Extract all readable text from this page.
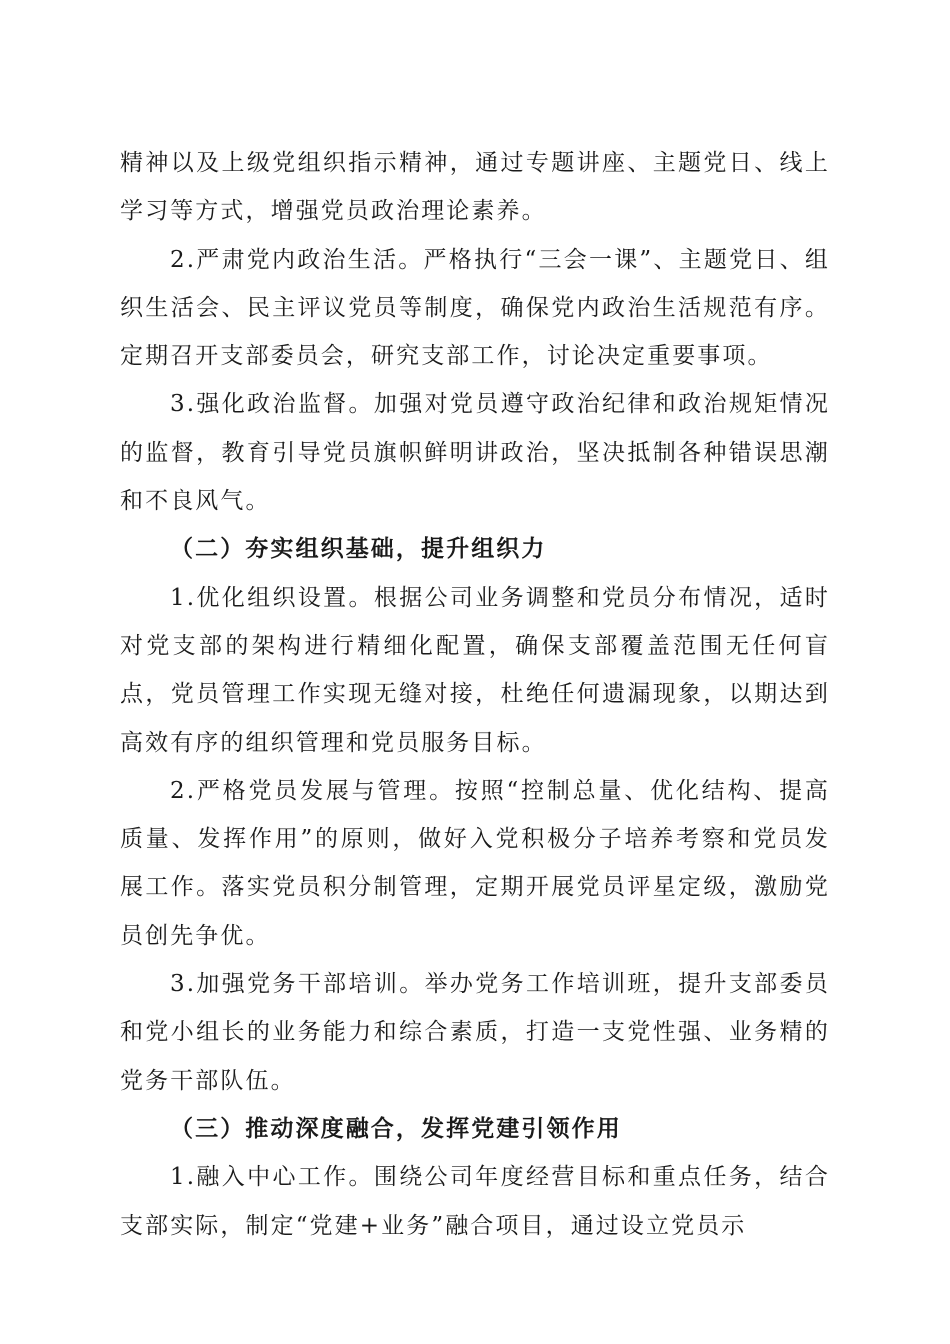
精神以及上级党组织指示精神，通过专题讲座、主题党日、线上学习等方式，增强党员政治理论素养。

2.严肃党内政治生活。严格执行“三会一课”、主题党日、组织生活会、民主评议党员等制度，确保党内政治生活规范有序。定期召开支部委员会，研究支部工作，讨论决定重要事项。

3.强化政治监督。加强对党员遵守政治纪律和政治规矩情况的监督，教育引导党员旗帜鲜明讲政治，坚决抵制各种错误思潮和不良风气。

（二）夯实组织基础，提升组织力

1.优化组织设置。根据公司业务调整和党员分布情况，适时对党支部的架构进行精细化配置，确保支部覆盖范围无任何盲点，党员管理工作实现无缝对接，杜绝任何遗漏现象，以期达到高效有序的组织管理和党员服务目标。

2.严格党员发展与管理。按照“控制总量、优化结构、提高质量、发挥作用”的原则，做好入党积极分子培养考察和党员发展工作。落实党员积分制管理，定期开展党员评星定级，激励党员创先争优。

3.加强党务干部培训。举办党务工作培训班，提升支部委员和党小组长的业务能力和综合素质，打造一支党性强、业务精的党务干部队伍。

（三）推动深度融合，发挥党建引领作用

1.融入中心工作。围绕公司年度经营目标和重点任务，结合支部实际，制定“党建+业务”融合项目，通过设立党员示
